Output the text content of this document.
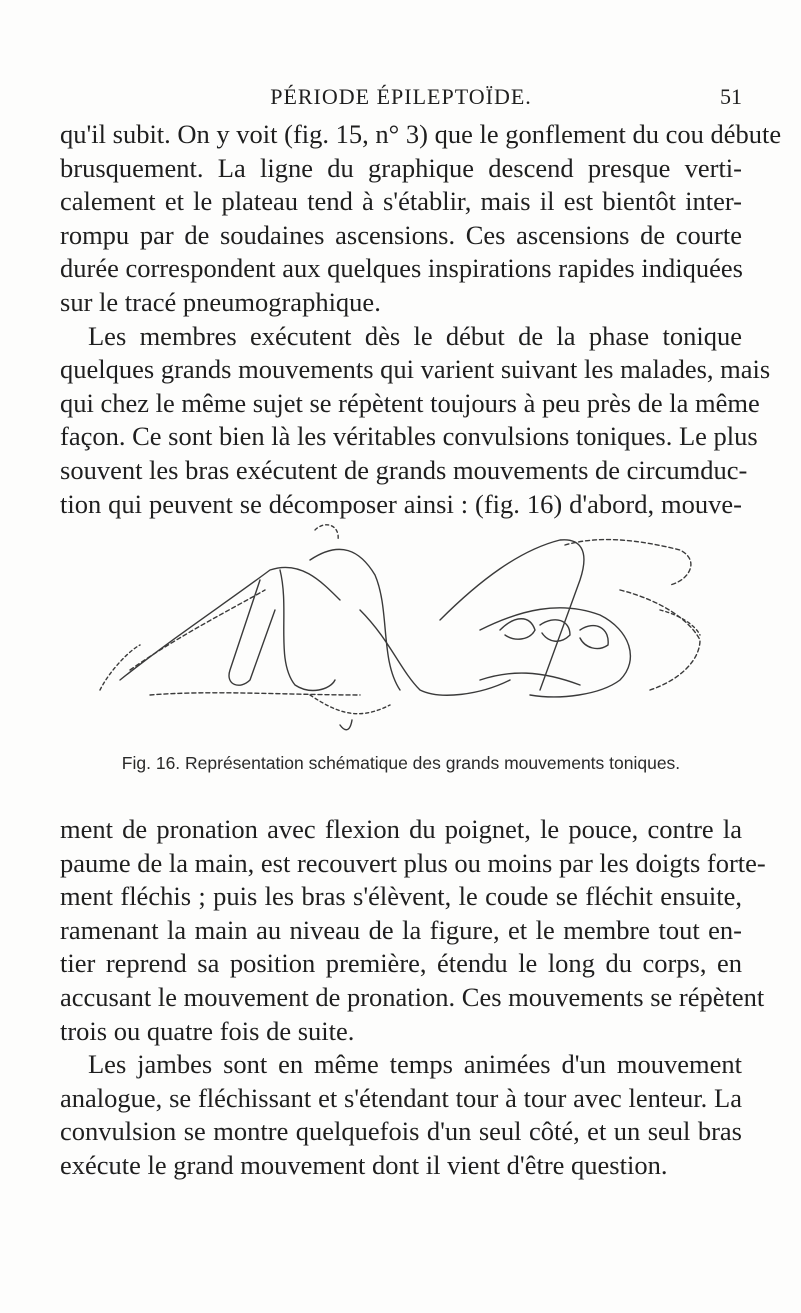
PÉRIODE ÉPILEPTOÏDE.	51
qu'il subit. On y voit (fig. 15, n° 3) que le gonflement du cou débute
brusquement. La ligne du graphique descend presque verti-
calement et le plateau tend à s'établir, mais il est bientôt inter-
rompu par de soudaines ascensions. Ces ascensions de courte
durée correspondent aux quelques inspirations rapides indiquées
sur le tracé pneumographique.
Les membres exécutent dès le début de la phase tonique
quelques grands mouvements qui varient suivant les malades, mais
qui chez le même sujet se répètent toujours à peu près de la même
façon. Ce sont bien là les véritables convulsions toniques. Le plus
souvent les bras exécutent de grands mouvements de circumduc-
tion qui peuvent se décomposer ainsi : (fig. 16) d'abord, mouve-
Fig. 16. Représentation schématique des grands mouvements toniques.
ment de pronation avec flexion du poignet, le pouce, contre la
paume de la main, est recouvert plus ou moins par les doigts forte-
ment fléchis ; puis les bras s'élèvent, le coude se fléchit ensuite,
ramenant la main au niveau de la figure, et le membre tout en-
tier reprend sa position première, étendu le long du corps, en
accusant le mouvement de pronation. Ces mouvements se répètent
trois ou quatre fois de suite.
Les jambes sont en même temps animées d'un mouvement
analogue, se fléchissant et s'étendant tour à tour avec lenteur. La
convulsion se montre quelquefois d'un seul côté, et un seul bras
exécute le grand mouvement dont il vient d'être question.
